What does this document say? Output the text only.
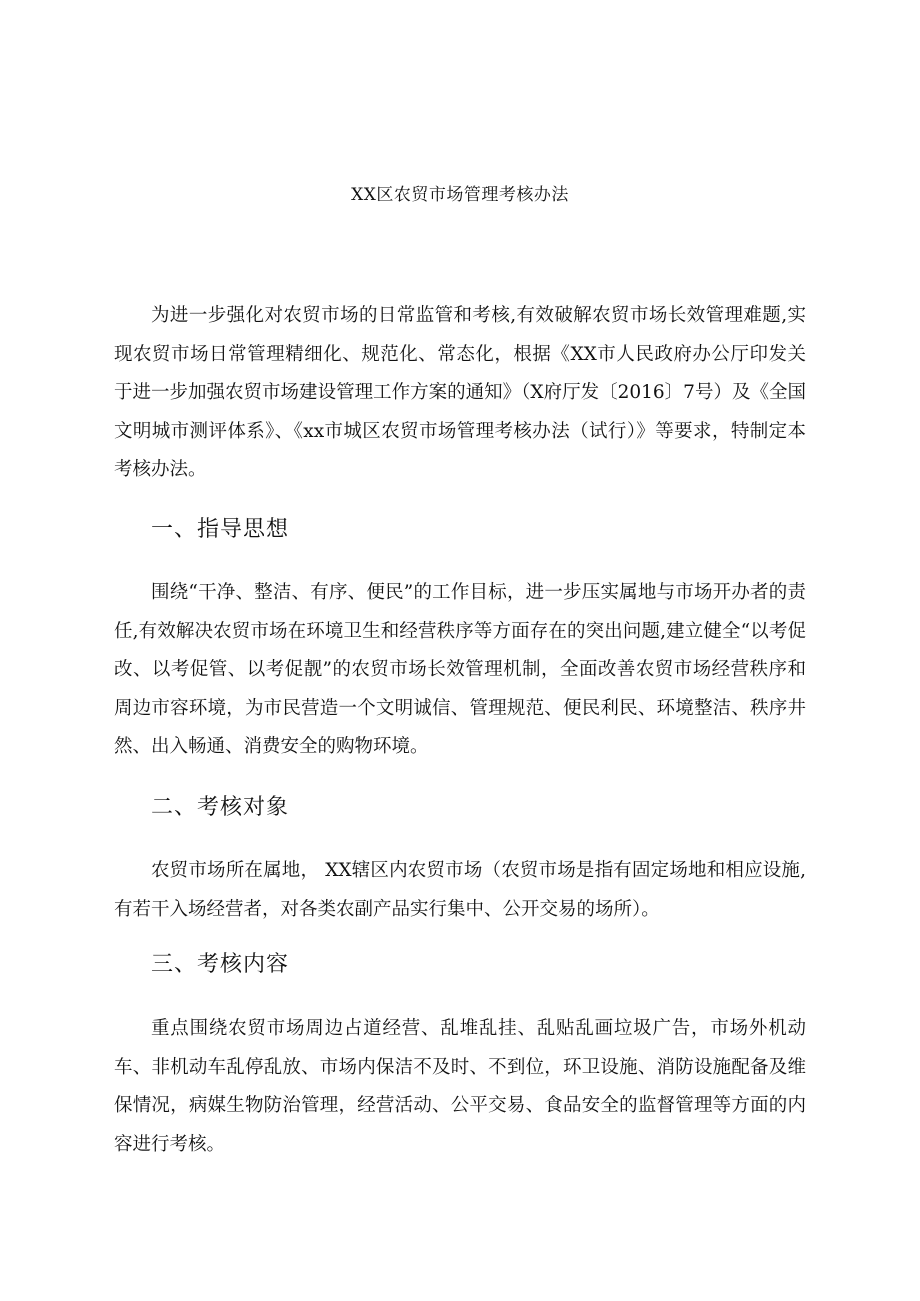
XX区农贸市场管理考核办法

为进一步强化对农贸市场的日常监管和考核,有效破解农贸市场长效管理难题,实现农贸市场日常管理精细化、规范化、常态化，根据《XX市人民政府办公厅印发关于进一步加强农贸市场建设管理工作方案的通知》（X府厅发〔2016〕7号）及《全国文明城市测评体系》、《xx市城区农贸市场管理考核办法（试行）》等要求，特制定本考核办法。

一、指导思想

围绕“干净、整洁、有序、便民”的工作目标，进一步压实属地与市场开办者的责任,有效解决农贸市场在环境卫生和经营秩序等方面存在的突出问题,建立健全“以考促改、以考促管、以考促靓”的农贸市场长效管理机制，全面改善农贸市场经营秩序和周边市容环境，为市民营造一个文明诚信、管理规范、便民利民、环境整洁、秩序井然、出入畅通、消费安全的购物环境。

二、考核对象

农贸市场所在属地， XX辖区内农贸市场（农贸市场是指有固定场地和相应设施,有若干入场经营者，对各类农副产品实行集中、公开交易的场所）。

三、考核内容

重点围绕农贸市场周边占道经营、乱堆乱挂、乱贴乱画垃圾广告，市场外机动车、非机动车乱停乱放、市场内保洁不及时、不到位，环卫设施、消防设施配备及维保情况，病媒生物防治管理，经营活动、公平交易、食品安全的监督管理等方面的内容进行考核。
